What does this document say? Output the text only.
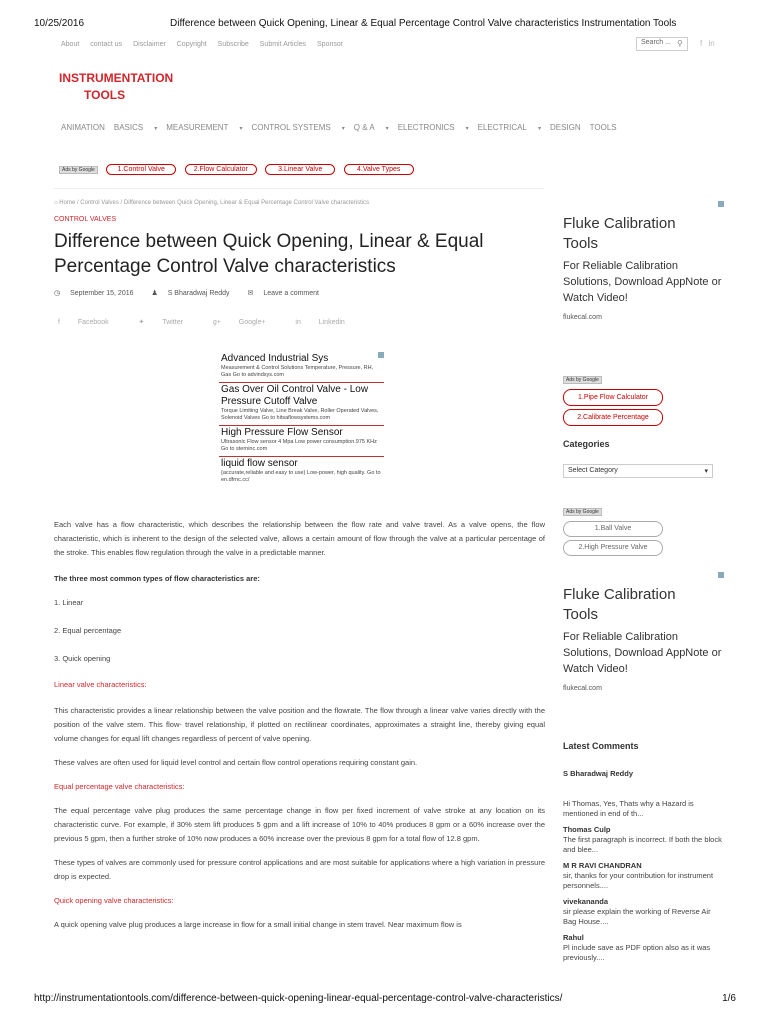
10/25/2016	Difference between Quick Opening, Linear & Equal Percentage Control Valve characteristics Instrumentation Tools
About contact us Disclaimer Copyright Subscribe Submit Articles Sponsor	Search ... ⚲	f in
INSTRUMENTATION
TOOLS
ANIMATION BASICS ▾ MEASUREMENT ▾ CONTROL SYSTEMS ▾ Q & A ▾ ELECTRONICS ▾ ELECTRICAL ▾ DESIGN TOOLS
Ads by Google	1.Control Valve	2.Flow Calculator	3.Linear Valve	4.Valve Types
⌂ Home / Control Valves / Difference between Quick Opening, Linear & Equal Percentage Control Valve characteristics
CONTROL VALVES
Difference between Quick Opening, Linear & Equal Percentage Control Valve characteristics
◷ September 15, 2016	♟ S Bharadwaj Reddy	✉ Leave a comment
f	Facebook	✦	Twitter	g+	Google+	in	Linkedin
Advanced Industrial Sys
Measurement & Control Solutions Temperature, Pressure, RH, Gas Go to advindsys.com
Gas Over Oil Control Valve - Low Pressure Cutoff Valve
Torque Limiting Valve, Line Break Valve, Roller Operated Valves, Solenoid Valves Go to hitsaflowsystems.com
High Pressure Flow Sensor
Ultrasonic Flow sensor 4 Mpa Low power consumption.975 KHz Go to sterninc.com
liquid flow sensor
{accurate,reliable and easy to use} Low-power, high quality. Go to en.dfrnc.cc/

Each valve has a flow characteristic, which describes the relationship between the flow rate and valve travel. As a valve opens, the flow characteristic, which is inherent to the design of the selected valve, allows a certain amount of flow through the valve at a particular percentage of the stroke. This enables flow regulation through the valve in a predictable manner.

The three most common types of flow characteristics are:

1. Linear

2. Equal percentage

3. Quick opening

Linear valve characteristics:

This characteristic provides a linear relationship between the valve position and the flowrate. The flow through a linear valve varies directly with the position of the valve stem. This flow- travel relationship, if plotted on rectilinear coordinates, approximates a straight line, thereby giving equal volume changes for equal lift changes regardless of percent of valve opening.

These valves are often used for liquid level control and certain flow control operations requiring constant gain.

Equal percentage valve characteristics:

The equal percentage valve plug produces the same percentage change in flow per fixed increment of valve stroke at any location on its characteristic curve. For example, if 30% stem lift produces 5 gpm and a lift increase of 10% to 40% produces 8 gpm or a 60% increase over the previous 5 gpm, then a further stroke of 10% now produces a 60% increase over the previous 8 gpm for a total flow of 12.8 gpm.

These types of valves are commonly used for pressure control applications and are most suitable for applications where a high variation in pressure drop is expected.

Quick opening valve characteristics:

A quick opening valve plug produces a large increase in flow for a small initial change in stem travel. Near maximum flow is

Fluke Calibration
Tools
For Reliable Calibration Solutions, Download AppNote or Watch Video!
flukecal.com
Ads by Google
1.Pipe Flow Calculator
2.Calibrate Percentage
Categories
Select Category	▾
Ads by Google
1.Ball Valve
2.High Pressure Valve
Fluke Calibration
Tools
For Reliable Calibration Solutions, Download AppNote or Watch Video!
flukecal.com
Latest Comments
S Bharadwaj Reddy
Hi Thomas, Yes, Thats why a Hazard is mentioned in end of th...
Thomas Culp
The first paragraph is incorrect. If both the block and blee...
M R RAVI CHANDRAN
sir, thanks for your contribution for instrument personnels....
vivekananda
sir please explain the working of Reverse Air Bag House....
Rahul
Pl include save as PDF option also as it was previously....
http://instrumentationtools.com/difference-between-quick-opening-linear-equal-percentage-control-valve-characteristics/	1/6
